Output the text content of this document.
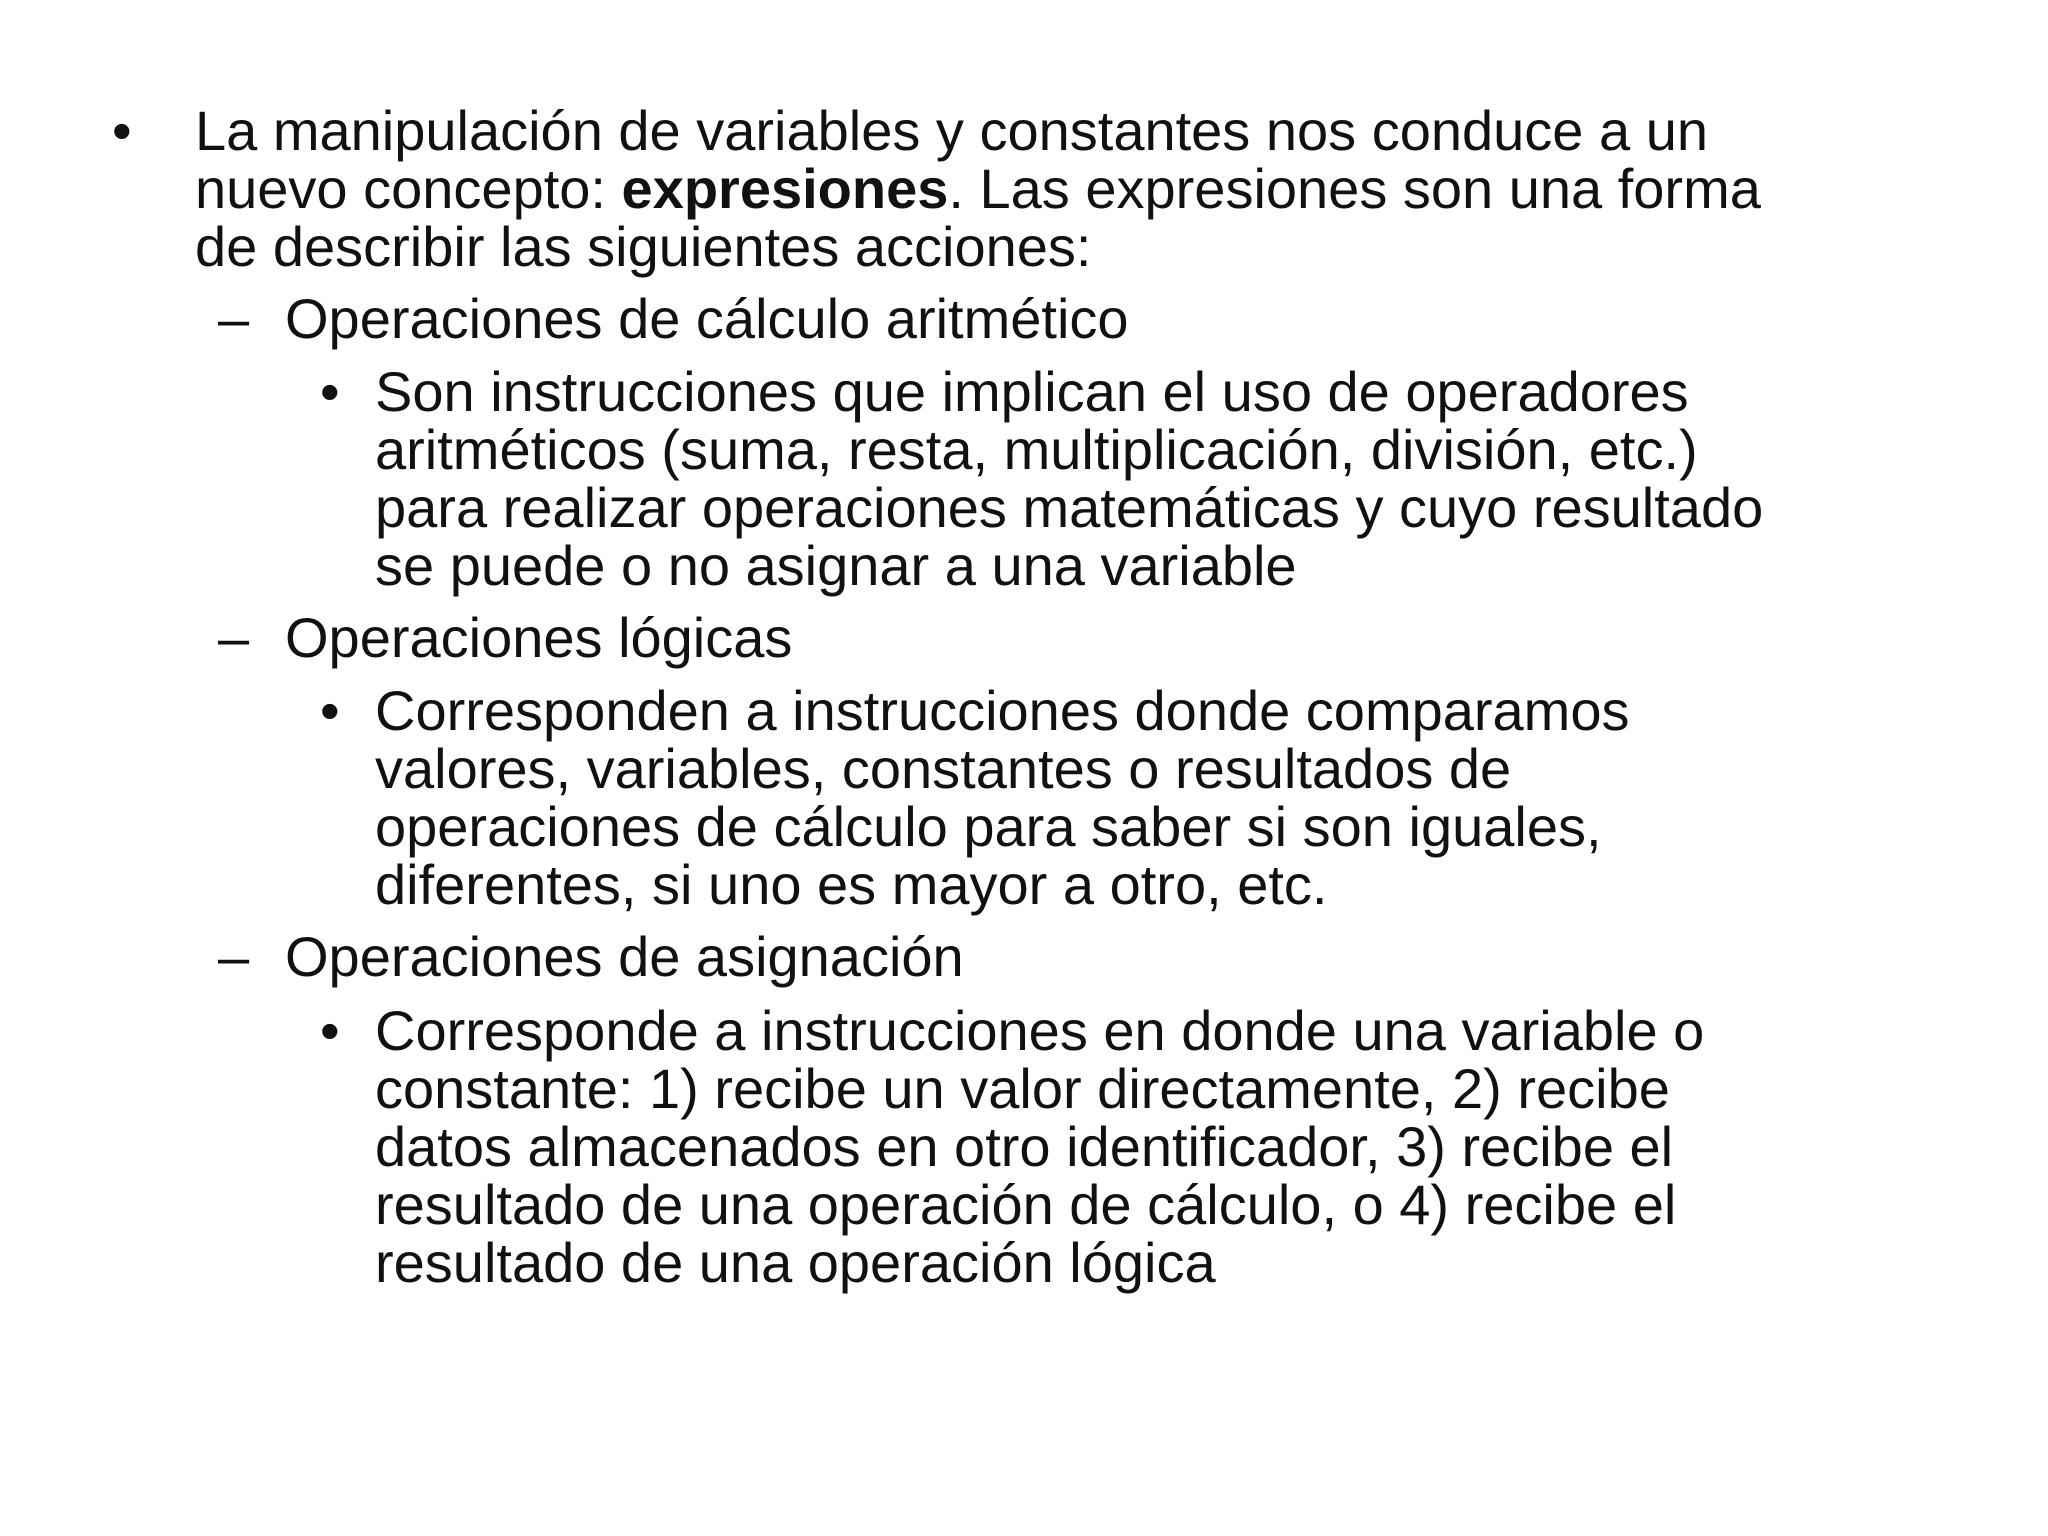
• La manipulación de variables y constantes nos conduce a un
nuevo concepto: expresiones. Las expresiones son una forma
de describir las siguientes acciones:
– Operaciones de cálculo aritmético
• Son instrucciones que implican el uso de operadores
aritméticos (suma, resta, multiplicación, división, etc.)
para realizar operaciones matemáticas y cuyo resultado
se puede o no asignar a una variable
– Operaciones lógicas
• Corresponden a instrucciones donde comparamos
valores, variables, constantes o resultados de
operaciones de cálculo para saber si son iguales,
diferentes, si uno es mayor a otro, etc.
– Operaciones de asignación
• Corresponde a instrucciones en donde una variable o
constante: 1) recibe un valor directamente, 2) recibe
datos almacenados en otro identificador, 3) recibe el
resultado de una operación de cálculo, o 4) recibe el
resultado de una operación lógica
